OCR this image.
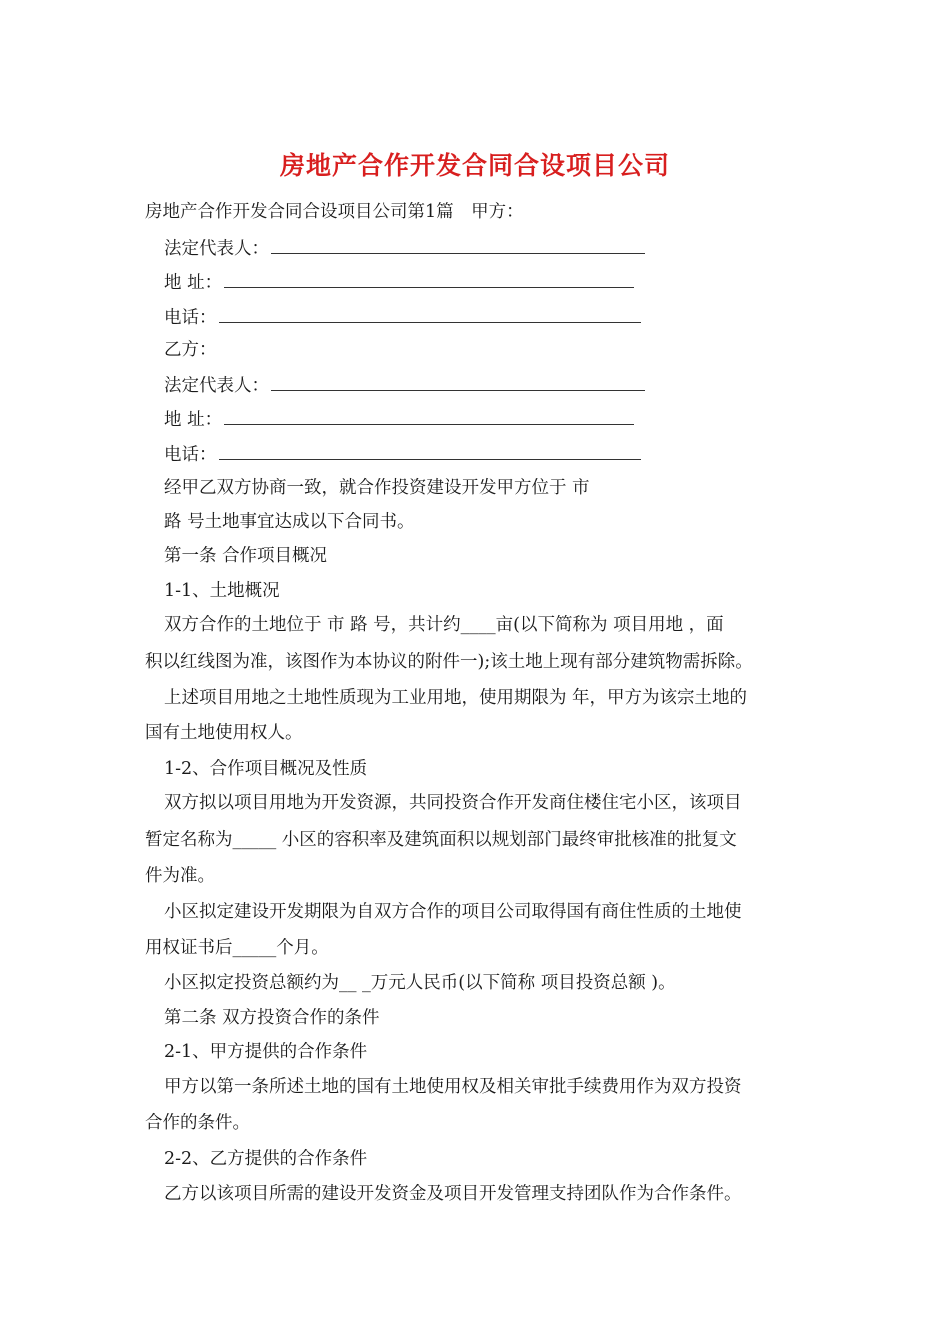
房地产合作开发合同合设项目公司
房地产合作开发合同合设项目公司第1篇　甲方：
法定代表人：
地 址：
电话：
乙方：
法定代表人：
地 址：
电话：
经甲乙双方协商一致，就合作投资建设开发甲方位于 市
路 号土地事宜达成以下合同书。
第一条 合作项目概况
1-1、土地概况
双方合作的土地位于 市 路 号，共计约____亩(以下简称为 项目用地 ，面
积以红线图为准，该图作为本协议的附件一);该土地上现有部分建筑物需拆除。
上述项目用地之土地性质现为工业用地，使用期限为 年，甲方为该宗土地的
国有土地使用权人。
1-2、合作项目概况及性质
双方拟以项目用地为开发资源，共同投资合作开发商住楼住宅小区，该项目
暂定名称为_____ 小区的容积率及建筑面积以规划部门最终审批核准的批复文
件为准。
小区拟定建设开发期限为自双方合作的项目公司取得国有商住性质的土地使
用权证书后_____个月。
小区拟定投资总额约为__ _万元人民币(以下简称 项目投资总额 )。
第二条 双方投资合作的条件
2-1、甲方提供的合作条件
甲方以第一条所述土地的国有土地使用权及相关审批手续费用作为双方投资
合作的条件。
2-2、乙方提供的合作条件
乙方以该项目所需的建设开发资金及项目开发管理支持团队作为合作条件。
